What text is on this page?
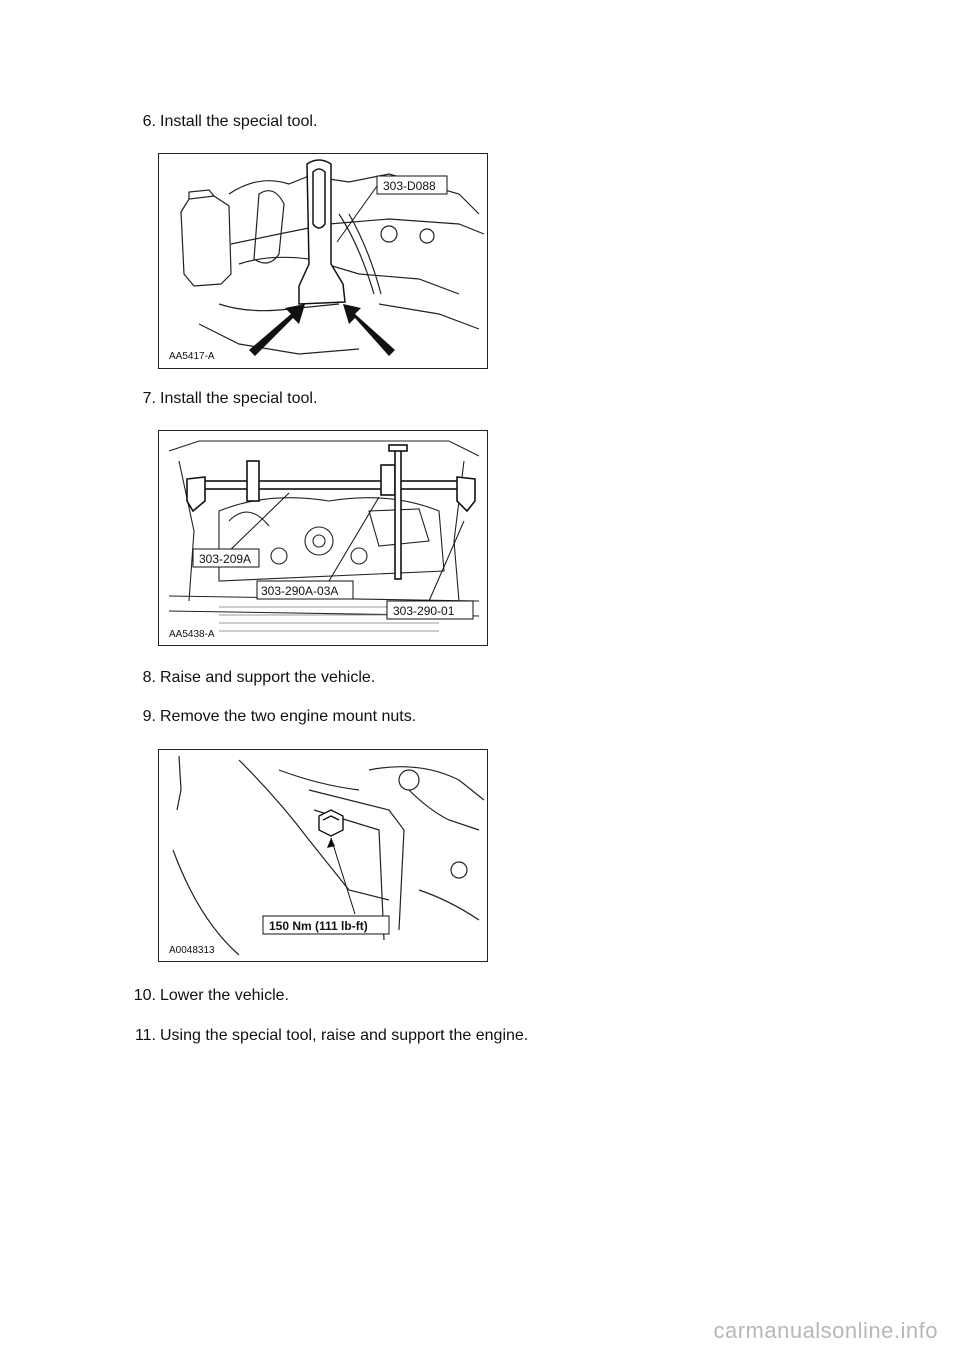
6. Install the special tool.
303-D088
AA5417-A
7. Install the special tool.
303-209A
303-290A-03A
303-290-01
AA5438-A
8. Raise and support the vehicle.
9. Remove the two engine mount nuts.
150 Nm (111 lb-ft)
A0048313
10. Lower the vehicle.
11. Using the special tool, raise and support the engine.
carmanualsonline.info
